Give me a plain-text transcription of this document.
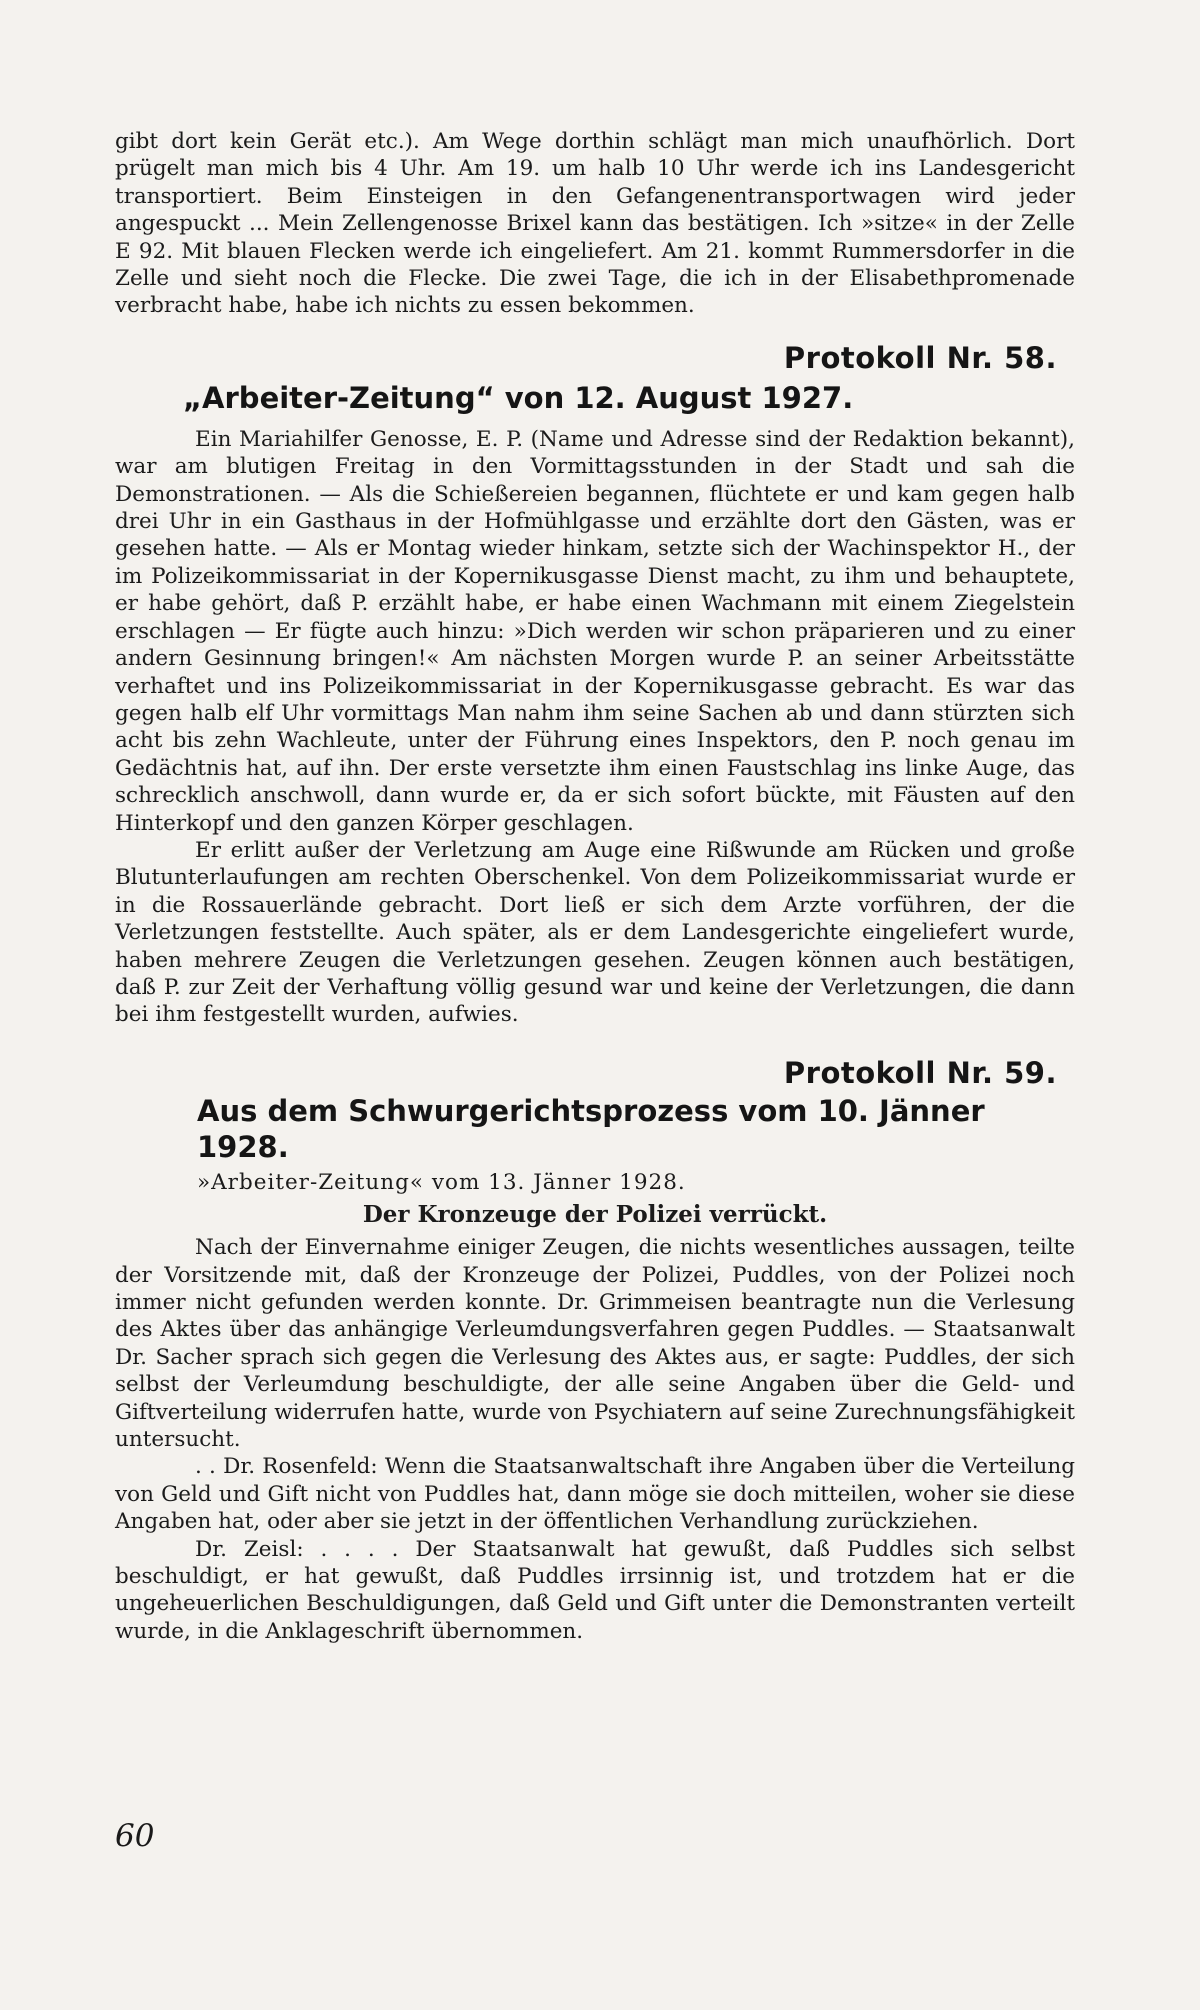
gibt dort kein Gerät etc.). Am Wege dorthin schlägt man mich unaufhörlich. Dort prügelt man mich bis 4 Uhr. Am 19. um halb 10 Uhr werde ich ins Landesgericht transportiert. Beim Einsteigen in den Gefangenentransportwagen wird jeder angespuckt ... Mein Zellengenosse Brixel kann das bestätigen. Ich »sitze« in der Zelle E 92. Mit blauen Flecken werde ich eingeliefert. Am 21. kommt Rummersdorfer in die Zelle und sieht noch die Flecke. Die zwei Tage, die ich in der Elisabethpromenade verbracht habe, habe ich nichts zu essen bekommen.

Protokoll Nr. 58.
„Arbeiter-Zeitung“ von 12. August 1927.

Ein Mariahilfer Genosse, E. P. (Name und Adresse sind der Redaktion bekannt), war am blutigen Freitag in den Vormittagsstunden in der Stadt und sah die Demonstrationen. — Als die Schießereien begannen, flüchtete er und kam gegen halb drei Uhr in ein Gasthaus in der Hofmühlgasse und erzählte dort den Gästen, was er gesehen hatte. — Als er Montag wieder hinkam, setzte sich der Wachinspektor H., der im Polizeikommissariat in der Kopernikusgasse Dienst macht, zu ihm und behauptete, er habe gehört, daß P. erzählt habe, er habe einen Wachmann mit einem Ziegelstein erschlagen — Er fügte auch hinzu: »Dich werden wir schon präparieren und zu einer andern Gesinnung bringen!« Am nächsten Morgen wurde P. an seiner Arbeitsstätte verhaftet und ins Polizeikommissariat in der Kopernikusgasse gebracht. Es war das gegen halb elf Uhr vormittags Man nahm ihm seine Sachen ab und dann stürzten sich acht bis zehn Wachleute, unter der Führung eines Inspektors, den P. noch genau im Gedächtnis hat, auf ihn. Der erste versetzte ihm einen Faustschlag ins linke Auge, das schrecklich anschwoll, dann wurde er, da er sich sofort bückte, mit Fäusten auf den Hinterkopf und den ganzen Körper geschlagen.

Er erlitt außer der Verletzung am Auge eine Rißwunde am Rücken und große Blutunterlaufungen am rechten Oberschenkel. Von dem Polizeikommissariat wurde er in die Rossauerlände gebracht. Dort ließ er sich dem Arzte vorführen, der die Verletzungen feststellte. Auch später, als er dem Landesgerichte eingeliefert wurde, haben mehrere Zeugen die Verletzungen gesehen. Zeugen können auch bestätigen, daß P. zur Zeit der Verhaftung völlig gesund war und keine der Verletzungen, die dann bei ihm festgestellt wurden, aufwies.

Protokoll Nr. 59.
Aus dem Schwurgerichtsprozess vom 10. Jänner 1928.
»Arbeiter-Zeitung« vom 13. Jänner 1928.
Der Kronzeuge der Polizei verrückt.

Nach der Einvernahme einiger Zeugen, die nichts wesentliches aussagen, teilte der Vorsitzende mit, daß der Kronzeuge der Polizei, Puddles, von der Polizei noch immer nicht gefunden werden konnte. Dr. Grimmeisen beantragte nun die Verlesung des Aktes über das anhängige Verleumdungsverfahren gegen Puddles. — Staatsanwalt Dr. Sacher sprach sich gegen die Verlesung des Aktes aus, er sagte: Puddles, der sich selbst der Verleumdung beschuldigte, der alle seine Angaben über die Geld- und Giftverteilung widerrufen hatte, wurde von Psychiatern auf seine Zurechnungsfähigkeit untersucht.

. . Dr. Rosenfeld: Wenn die Staatsanwaltschaft ihre Angaben über die Verteilung von Geld und Gift nicht von Puddles hat, dann möge sie doch mitteilen, woher sie diese Angaben hat, oder aber sie jetzt in der öffentlichen Verhandlung zurückziehen.

Dr. Zeisl: . . . . Der Staatsanwalt hat gewußt, daß Puddles sich selbst beschuldigt, er hat gewußt, daß Puddles irrsinnig ist, und trotzdem hat er die ungeheuerlichen Beschuldigungen, daß Geld und Gift unter die Demonstranten verteilt wurde, in die Anklageschrift übernommen.

60
